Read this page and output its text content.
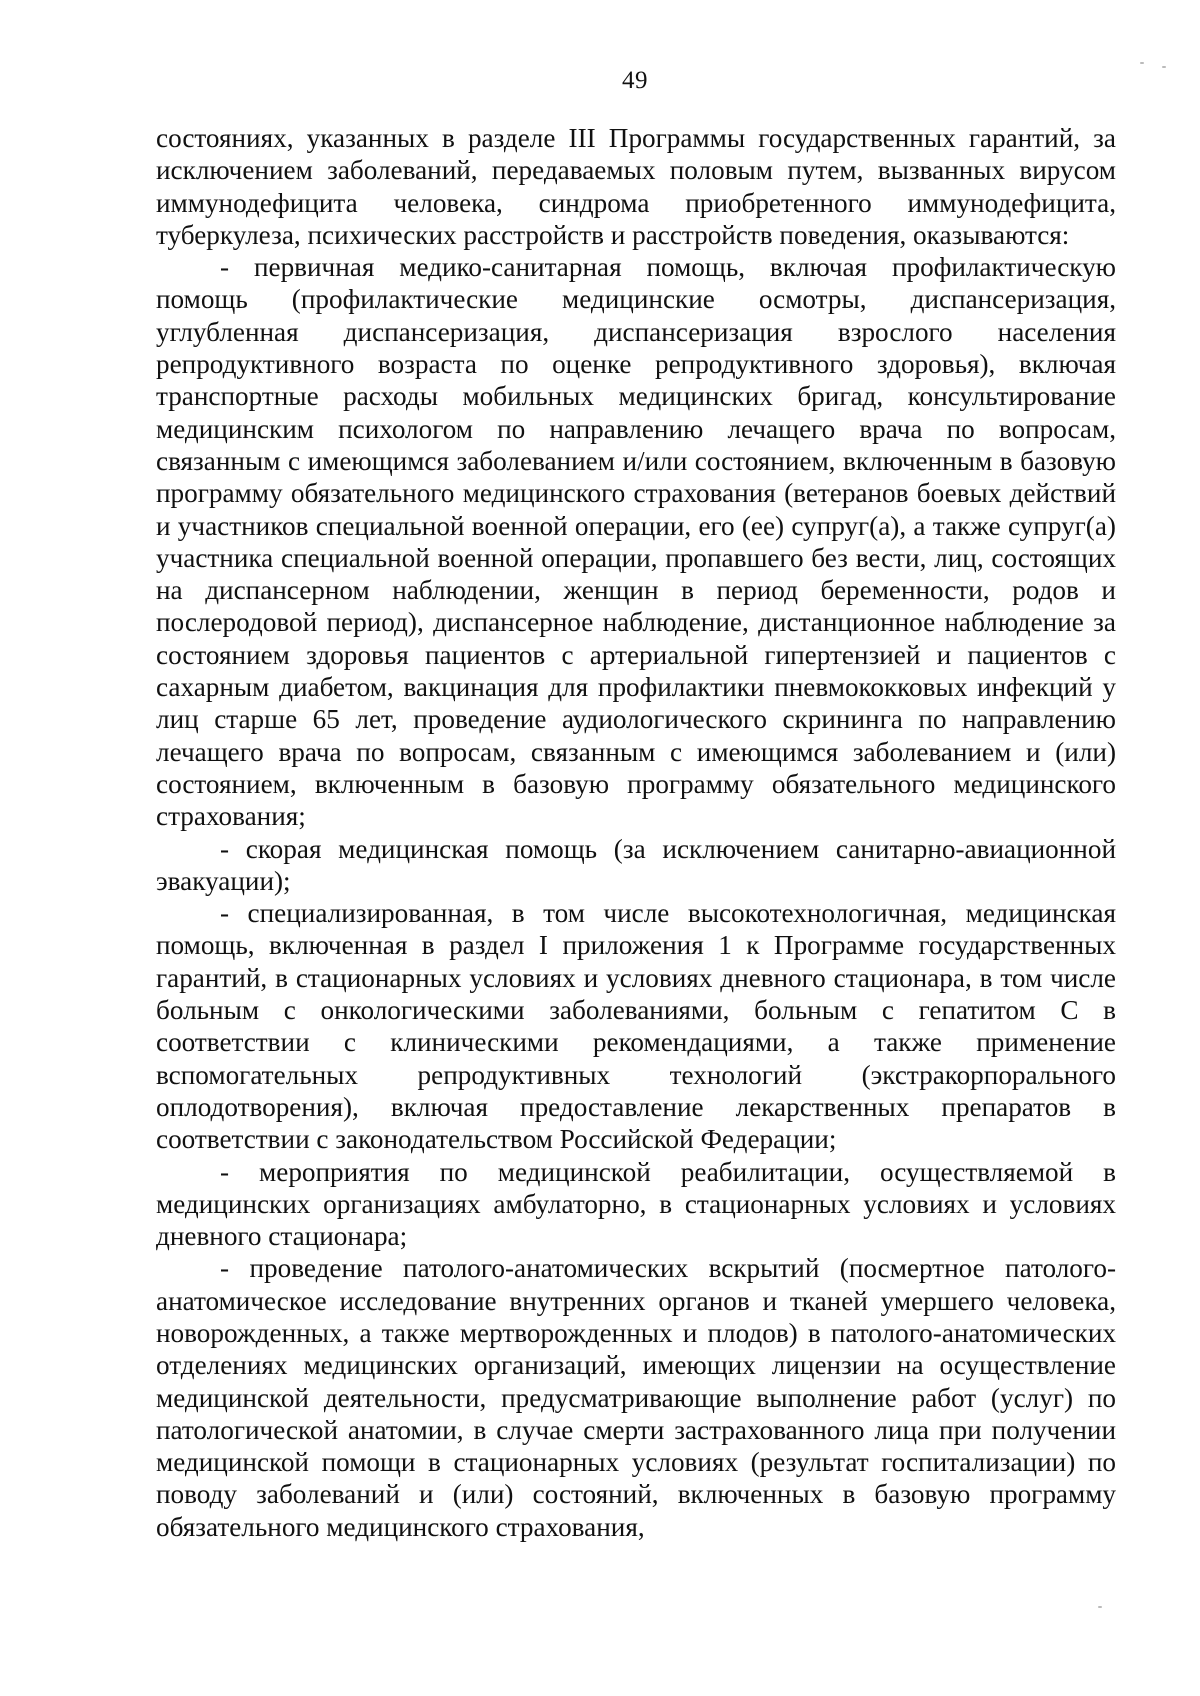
49

состояниях, указанных в разделе III Программы государственных гарантий, за исключением заболеваний, передаваемых половым путем, вызванных вирусом иммунодефицита человека, синдрома приобретенного иммунодефицита, туберкулеза, психических расстройств и расстройств поведения, оказываются:

- первичная медико-санитарная помощь, включая профилактическую помощь (профилактические медицинские осмотры, диспансеризация, углубленная диспансеризация, диспансеризация взрослого населения репродуктивного возраста по оценке репродуктивного здоровья), включая транспортные расходы мобильных медицинских бригад, консультирование медицинским психологом по направлению лечащего врача по вопросам, связанным с имеющимся заболеванием и/или состоянием, включенным в базовую программу обязательного медицинского страхования (ветеранов боевых действий и участников специальной военной операции, его (ее) супруг(а), а также супруг(а) участника специальной военной операции, пропавшего без вести, лиц, состоящих на диспансерном наблюдении, женщин в период беременности, родов и послеродовой период), диспансерное наблюдение, дистанционное наблюдение за состоянием здоровья пациентов с артериальной гипертензией и пациентов с сахарным диабетом, вакцинация для профилактики пневмококковых инфекций у лиц старше 65 лет, проведение аудиологического скрининга по направлению лечащего врача по вопросам, связанным с имеющимся заболеванием и (или) состоянием, включенным в базовую программу обязательного медицинского страхования;

- скорая медицинская помощь (за исключением санитарно-авиационной эвакуации);

- специализированная, в том числе высокотехнологичная, медицинская помощь, включенная в раздел I приложения 1 к Программе государственных гарантий, в стационарных условиях и условиях дневного стационара, в том числе больным с онкологическими заболеваниями, больным с гепатитом С в соответствии с клиническими рекомендациями, а также применение вспомогательных репродуктивных технологий (экстракорпорального оплодотворения), включая предоставление лекарственных препаратов в соответствии с законодательством Российской Федерации;

- мероприятия по медицинской реабилитации, осуществляемой в медицинских организациях амбулаторно, в стационарных условиях и условиях дневного стационара;

- проведение патолого-анатомических вскрытий (посмертное патолого-анатомическое исследование внутренних органов и тканей умершего человека, новорожденных, а также мертворожденных и плодов) в патолого-анатомических отделениях медицинских организаций, имеющих лицензии на осуществление медицинской деятельности, предусматривающие выполнение работ (услуг) по патологической анатомии, в случае смерти застрахованного лица при получении медицинской помощи в стационарных условиях (результат госпитализации) по поводу заболеваний и (или) состояний, включенных в базовую программу обязательного медицинского страхования,
